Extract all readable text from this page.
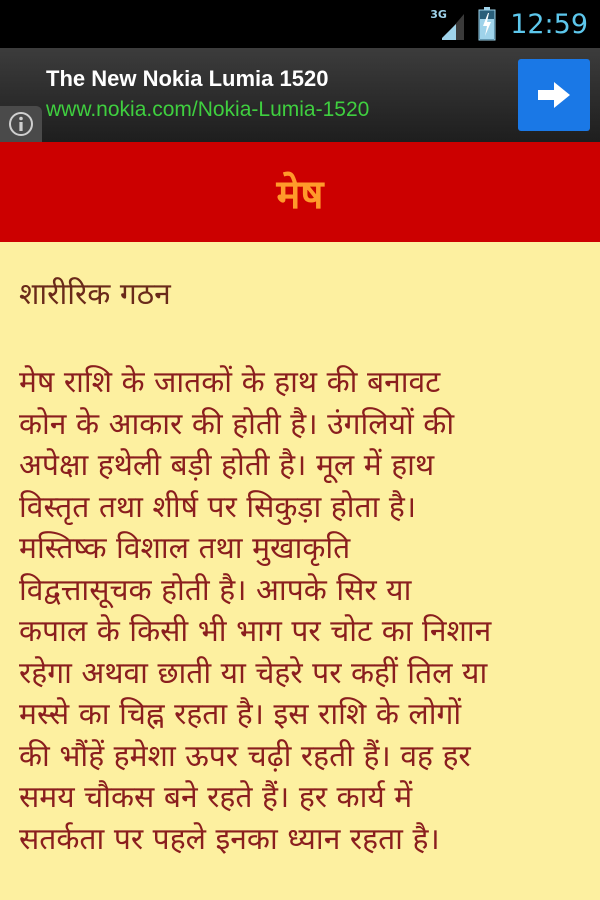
3G 12:59
The New Nokia Lumia 1520
www.nokia.com/Nokia-Lumia-1520
मेष
शारीरिक गठन
मेष राशि के जातकों के हाथ की बनावट
कोन के आकार की होती है। उंगलियों की
अपेक्षा हथेली बड़ी होती है। मूल में हाथ
विस्तृत तथा शीर्ष पर सिकुड़ा होता है।
मस्तिष्क विशाल तथा मुखाकृति
विद्वत्तासूचक होती है। आपके सिर या
कपाल के किसी भी भाग पर चोट का निशान
रहेगा अथवा छाती या चेहरे पर कहीं तिल या
मस्से का चिह्न रहता है। इस राशि के लोगों
की भौंहें हमेशा ऊपर चढ़ी रहती हैं। वह हर
समय चौकस बने रहते हैं। हर कार्य में
सतर्कता पर पहले इनका ध्यान रहता है।
